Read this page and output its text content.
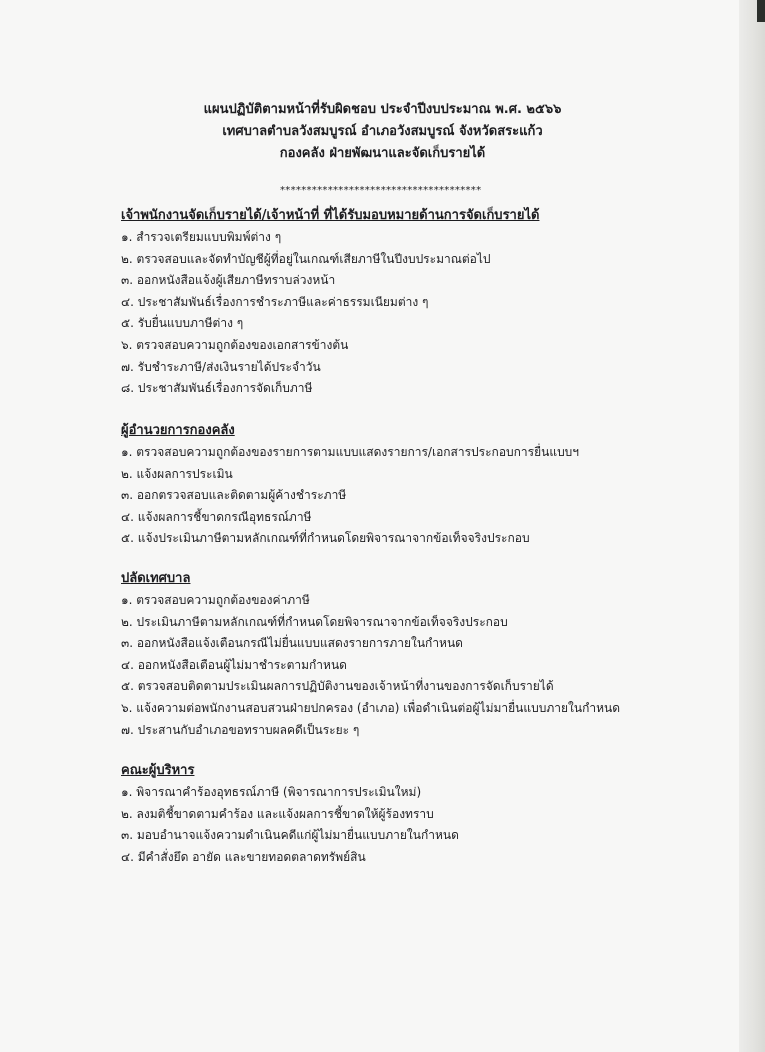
แผนปฏิบัติตามหน้าที่รับผิดชอบ ประจำปีงบประมาณ พ.ศ. ๒๕๖๖
เทศบาลตำบลวังสมบูรณ์ อำเภอวังสมบูรณ์ จังหวัดสระแก้ว
กองคลัง ฝ่ายพัฒนาและจัดเก็บรายได้
**************************************
เจ้าพนักงานจัดเก็บรายได้/เจ้าหน้าที่ ที่ได้รับมอบหมายด้านการจัดเก็บรายได้
๑. สำรวจเตรียมแบบพิมพ์ต่าง ๆ
๒. ตรวจสอบและจัดทำบัญชีผู้ที่อยู่ในเกณฑ์เสียภาษีในปีงบประมาณต่อไป
๓. ออกหนังสือแจ้งผู้เสียภาษีทราบล่วงหน้า
๔. ประชาสัมพันธ์เรื่องการชำระภาษีและค่าธรรมเนียมต่าง ๆ
๕. รับยื่นแบบภาษีต่าง ๆ
๖. ตรวจสอบความถูกต้องของเอกสารข้างต้น
๗. รับชำระภาษี/ส่งเงินรายได้ประจำวัน
๘. ประชาสัมพันธ์เรื่องการจัดเก็บภาษี
ผู้อำนวยการกองคลัง
๑. ตรวจสอบความถูกต้องของรายการตามแบบแสดงรายการ/เอกสารประกอบการยื่นแบบฯ
๒. แจ้งผลการประเมิน
๓. ออกตรวจสอบและติดตามผู้ค้างชำระภาษี
๔. แจ้งผลการชี้ขาดกรณีอุทธรณ์ภาษี
๕. แจ้งประเมินภาษีตามหลักเกณฑ์ที่กำหนดโดยพิจารณาจากข้อเท็จจริงประกอบ
ปลัดเทศบาล
๑. ตรวจสอบความถูกต้องของค่าภาษี
๒. ประเมินภาษีตามหลักเกณฑ์ที่กำหนดโดยพิจารณาจากข้อเท็จจริงประกอบ
๓. ออกหนังสือแจ้งเตือนกรณีไม่ยื่นแบบแสดงรายการภายในกำหนด
๔. ออกหนังสือเตือนผู้ไม่มาชำระตามกำหนด
๕. ตรวจสอบติดตามประเมินผลการปฏิบัติงานของเจ้าหน้าที่งานของการจัดเก็บรายได้
๖. แจ้งความต่อพนักงานสอบสวนฝ่ายปกครอง (อำเภอ) เพื่อดำเนินต่อผู้ไม่มายื่นแบบภายในกำหนด
๗. ประสานกับอำเภอขอทราบผลคดีเป็นระยะ ๆ
คณะผู้บริหาร
๑. พิจารณาคำร้องอุทธรณ์ภาษี (พิจารณาการประเมินใหม่)
๒. ลงมติชี้ขาดตามคำร้อง และแจ้งผลการชี้ขาดให้ผู้ร้องทราบ
๓. มอบอำนาจแจ้งความดำเนินคดีแก่ผู้ไม่มายื่นแบบภายในกำหนด
๔. มีคำสั่งยึด อายัด และขายทอดตลาดทรัพย์สิน
